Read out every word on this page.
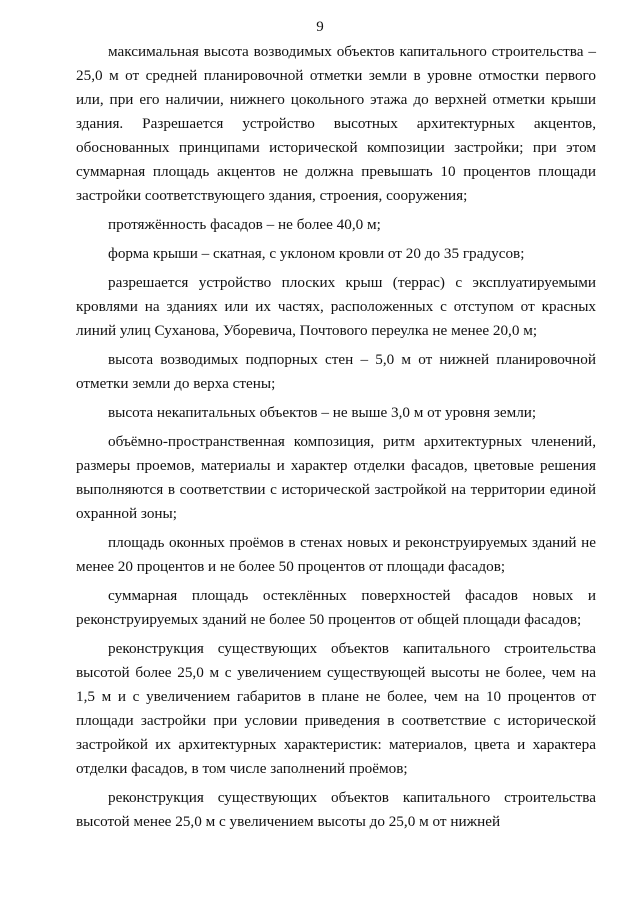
9

максимальная высота возводимых объектов капитального строительства – 25,0 м от средней планировочной отметки земли в уровне отмостки первого или, при его наличии, нижнего цокольного этажа до верхней отметки крыши здания. Разрешается устройство высотных архитектурных акцентов, обоснованных принципами исторической композиции застройки; при этом суммарная площадь акцентов не должна превышать 10 процентов площади застройки соответствующего здания, строения, сооружения;

протяжённость фасадов – не более 40,0 м;

форма крыши – скатная, с уклоном кровли от 20 до 35 градусов;

разрешается устройство плоских крыш (террас) с эксплуатируемыми кровлями на зданиях или их частях, расположенных с отступом от красных линий улиц Суханова, Уборевича, Почтового переулка не менее 20,0 м;

высота возводимых подпорных стен – 5,0 м от нижней планировочной отметки земли до верха стены;

высота некапитальных объектов – не выше 3,0 м от уровня земли;

объёмно-пространственная композиция, ритм архитектурных членений, размеры проемов, материалы и характер отделки фасадов, цветовые решения выполняются в соответствии с исторической застройкой на территории единой охранной зоны;

площадь оконных проёмов в стенах новых и реконструируемых зданий не менее 20 процентов и не более 50 процентов от площади фасадов;

суммарная площадь остеклённых поверхностей фасадов новых и реконструируемых зданий не более 50 процентов от общей площади фасадов;

реконструкция существующих объектов капитального строительства высотой более 25,0 м с увеличением существующей высоты не более, чем на 1,5 м и с увеличением габаритов в плане не более, чем на 10 процентов от площади застройки при условии приведения в соответствие с исторической застройкой их архитектурных характеристик: материалов, цвета и характера отделки фасадов, в том числе заполнений проёмов;

реконструкция существующих объектов капитального строительства высотой менее 25,0 м с увеличением высоты до 25,0 м от нижней
